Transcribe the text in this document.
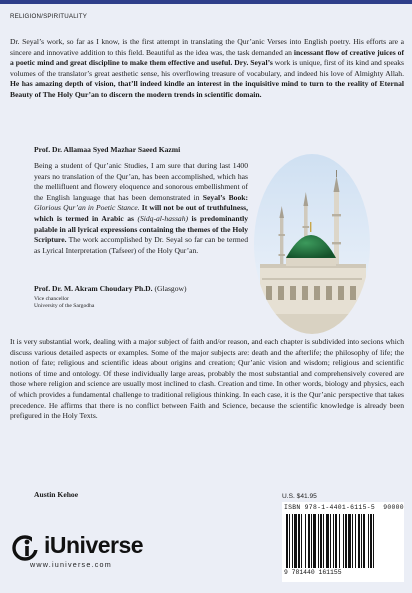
RELIGION/SPIRITUALITY

Dr. Seyal’s work, so far as I know, is the first attempt in translating the Qur’anic Verses into English poetry. His efforts are a sincere and innovative addition to this field. Beautiful as the idea was, the task demanded an incessant flow of creative juices of a poetic mind and great discipline to make them effective and useful. Dry. Seyal’s work is unique, first of its kind and speaks volumes of the translator’s great aesthetic sense, his overflowing treasure of vocabulary, and indeed his love of Almighty Allah. He has amazing depth of vision, that’ll indeed kindle an interest in the inquisitive mind to turn to the reality of Eternal Beauty of The Holy Qur’an to discern the modern trends in scientific domain.

Prof. Dr. Allamaa Syed Mazhar Saeed Kazmi

Being a student of Qur’anic Studies, I am sure that during last 1400 years no translation of the Qur’an, has been accomplished, which has the mellifluent and flowery eloquence and sonorous embellishment of the English language that has been demonstrated in Seyal’s Book: Glorious Qur’an in Poetic Stance. It will not be out of truthfulness, which is termed in Arabic as (Sidq-al-hassah) is predominantly palable in all lyrical expressions containing the themes of the Holy Scripture. The work accomplished by Dr. Seyal so far can be termed as Lyrical Interpretation (Tafseer) of the Holy Qur’an.

Prof. Dr. M. Akram Choudary Ph.D. (Glasgow)
Vice chancellor
University of the Sargodha

It is very substantial work, dealing with a major subject of faith and/or reason, and each chapter is subdivided into secions which discuss various detailed aspects or examples. Some of the major subjects are: death and the afterlife; the philosophy of life; the notion of fate; religious and scientific ideas about origins and creation; Qur’anic vision and wisdom; religious and scientific notions of time and ontology. Of these individually large areas, probably the most substantial and comprehensively covered are those where religion and science are usually most inclined to clash. Creation and time. In other words, biology and physics, each of which provides a fundamental challenge to traditional religious thinking. In each case, it is the Qur’anic perspective that takes precedence. He affirms that there is no conflict between Faith and Science, because the scientific knowledge is already been prefigured in the Holy Texts.

Austin Kehoe	U.S. $41.95
ISBN 978-1-4401-6115-5 90000
9 781440 161155
iUniverse
www.iuniverse.com
